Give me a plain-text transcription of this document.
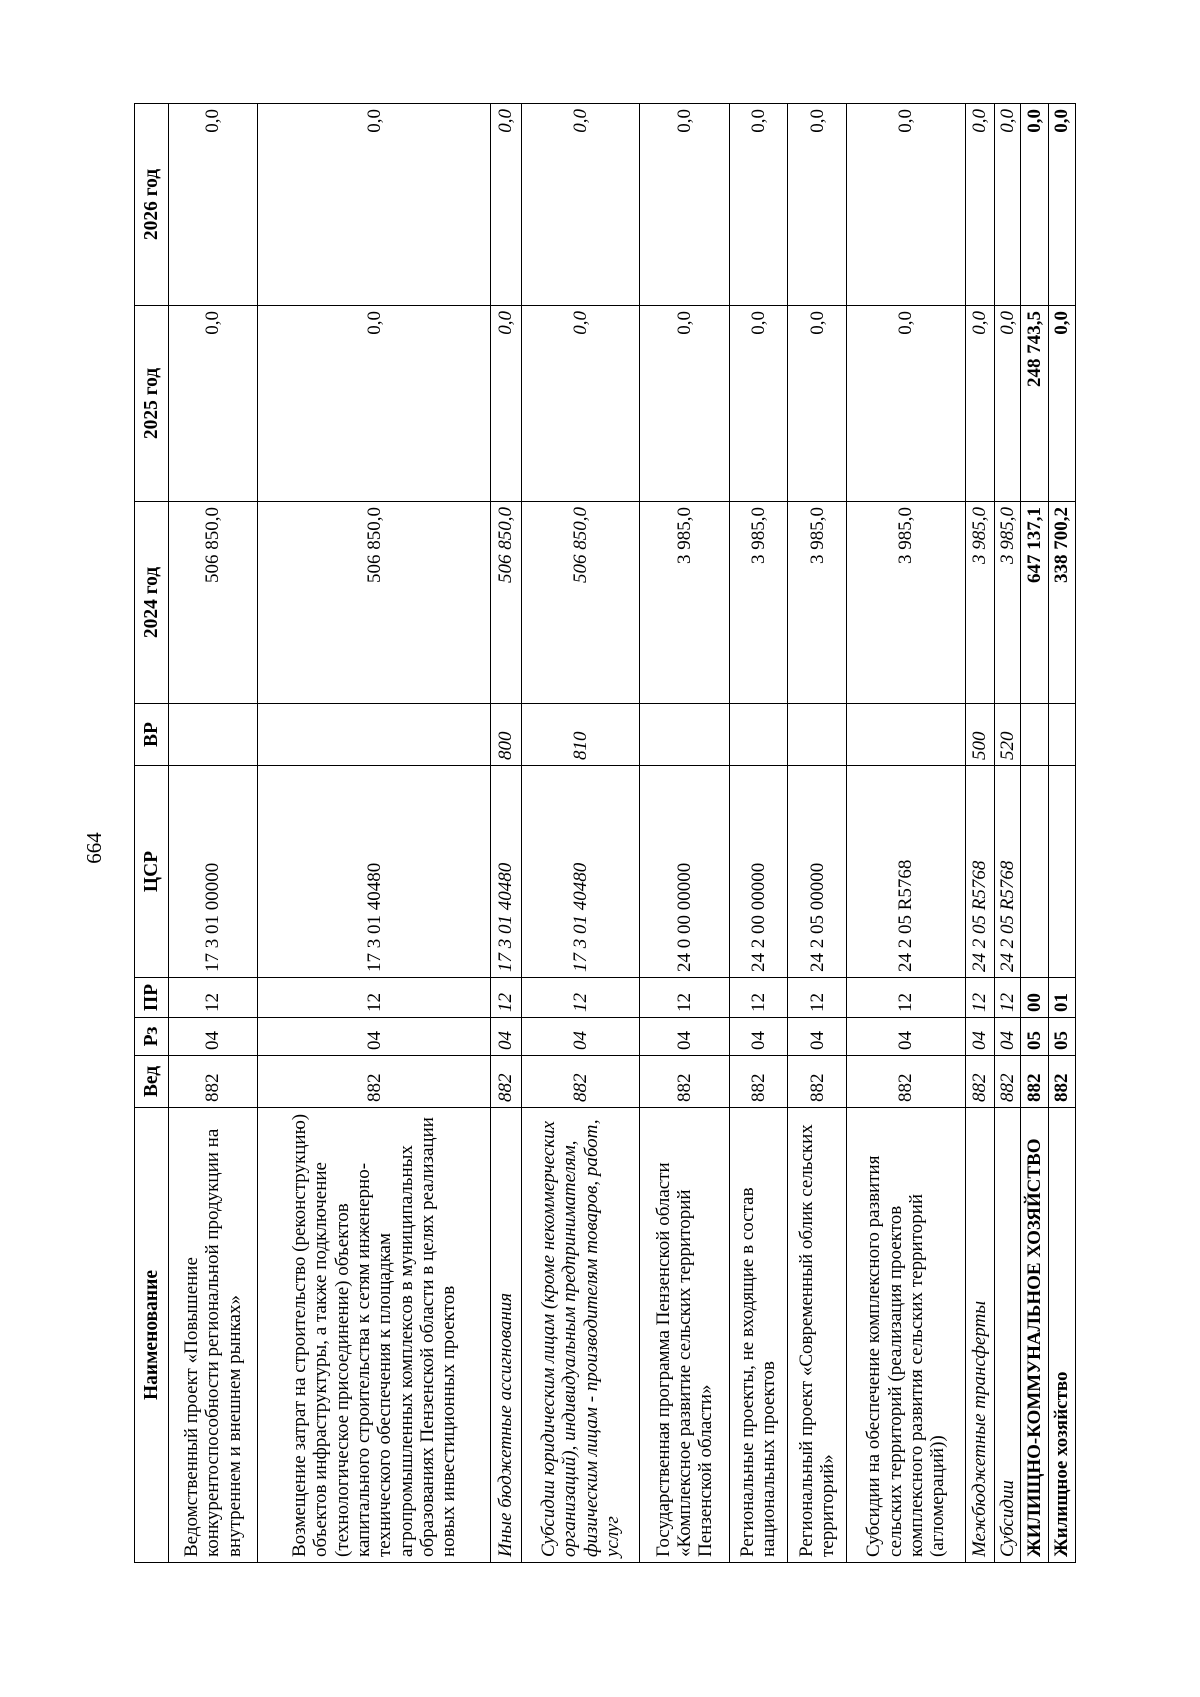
664
Наименование	Вед	Рз	ПР	ЦСР	ВР	2024 год	2025 год	2026 год
Ведомственный проект «Повышение конкурентоспособности региональной продукции на внутреннем и внешнем рынках»	882	04	12	17 3 01 00000		506 850,0	0,0	0,0
Возмещение затрат на строительство (реконструкцию) объектов инфраструктуры, а также подключение (технологическое присоединение) объектов капитального строительства к сетям инженерно-технического обеспечения к площадкам агропромышленных комплексов в муниципальных образованиях Пензенской области в целях реализации новых инвестиционных проектов	882	04	12	17 3 01 40480		506 850,0	0,0	0,0
Иные бюджетные ассигнования	882	04	12	17 3 01 40480	800	506 850,0	0,0	0,0
Субсидии юридическим лицам (кроме некоммерческих организаций), индивидуальным предпринимателям, физическим лицам - производителям товаров, работ, услуг	882	04	12	17 3 01 40480	810	506 850,0	0,0	0,0
Государственная программа Пензенской области «Комплексное развитие сельских территорий Пензенской области»	882	04	12	24 0 00 00000		3 985,0	0,0	0,0
Региональные проекты, не входящие в состав национальных проектов	882	04	12	24 2 00 00000		3 985,0	0,0	0,0
Региональный проект «Современный облик сельских территорий»	882	04	12	24 2 05 00000		3 985,0	0,0	0,0
Субсидии на обеспечение комплексного развития сельских территорий (реализация проектов комплексного развития сельских территорий (агломераций))	882	04	12	24 2 05 R5768		3 985,0	0,0	0,0
Межбюджетные трансферты	882	04	12	24 2 05 R5768	500	3 985,0	0,0	0,0
Субсидии	882	04	12	24 2 05 R5768	520	3 985,0	0,0	0,0
ЖИЛИЩНО-КОММУНАЛЬНОЕ ХОЗЯЙСТВО	882	05	00			647 137,1	248 743,5	0,0
Жилищное хозяйство	882	05	01			338 700,2	0,0	0,0
